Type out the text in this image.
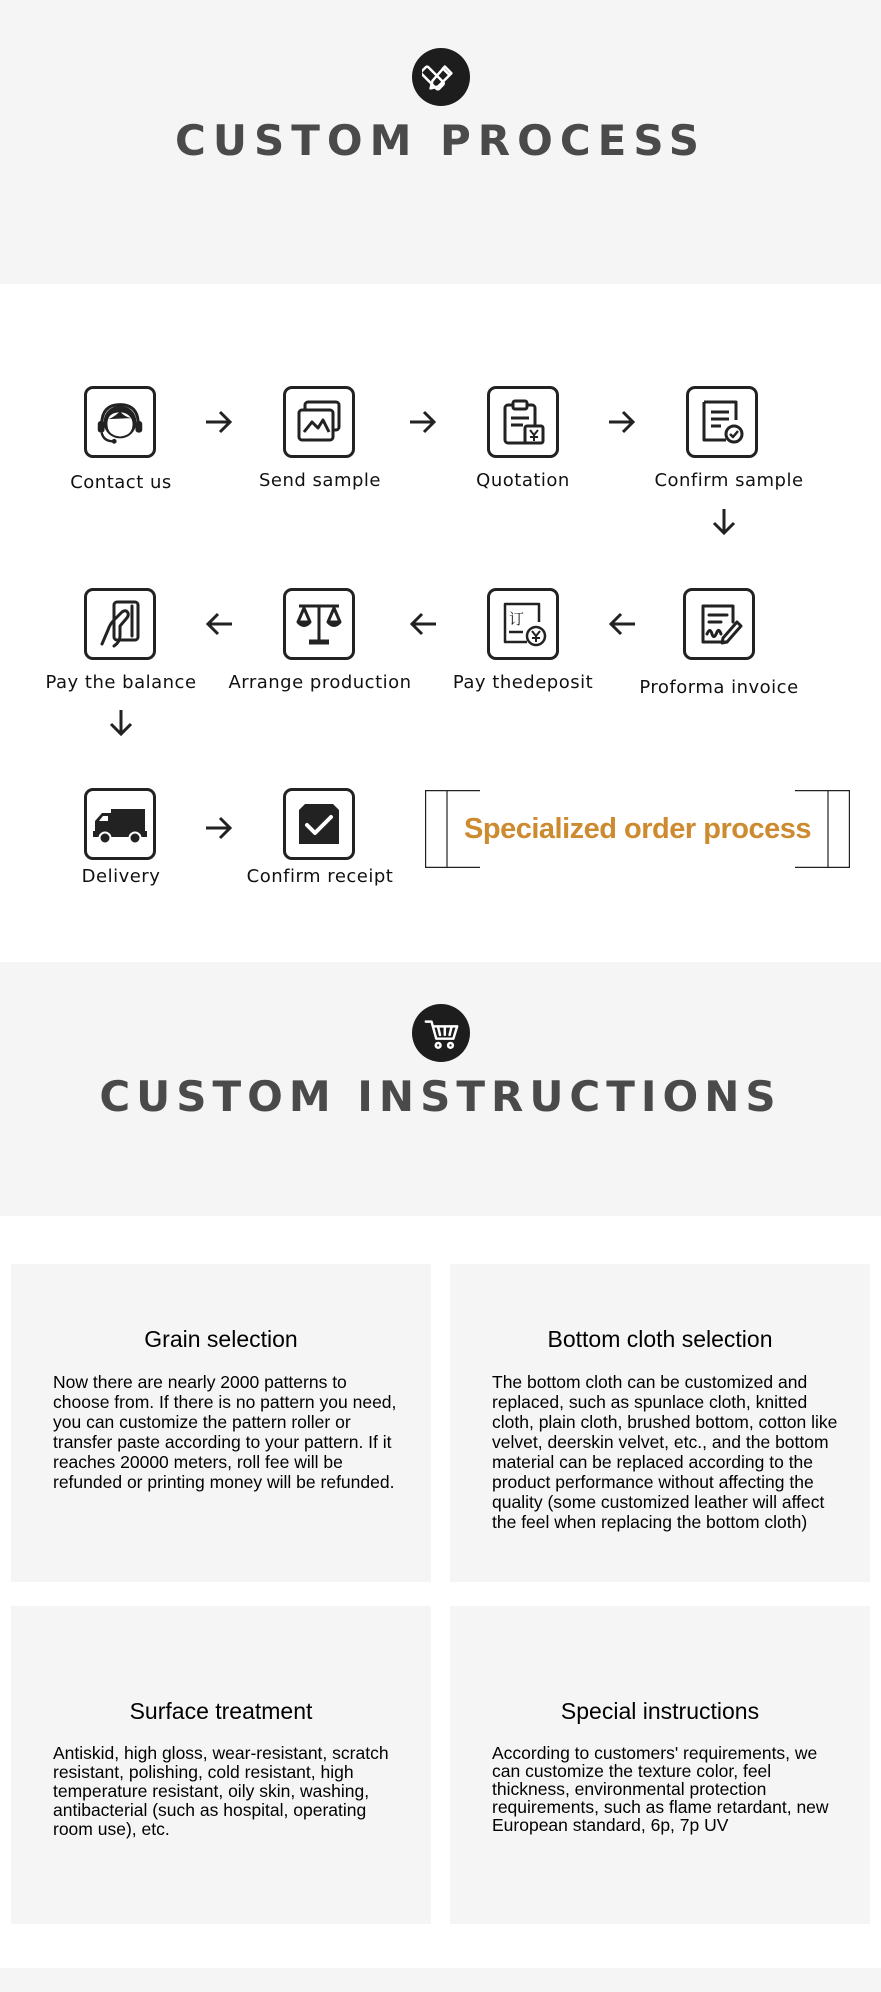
CUSTOM PROCESS
Contact us	Send sample	Quotation	Confirm sample
Proforma invoice
订
Pay thedeposit
Arrange production
Pay the balance
Delivery	Confirm receipt
Specialized order process
CUSTOM INSTRUCTIONS
Grain selection
Now there are nearly 2000 patterns to choose from. If there is no pattern you need, you can customize the pattern roller or transfer paste according to your pattern. If it reaches 20000 meters, roll fee will be refunded or printing money will be refunded.
Bottom cloth selection
The bottom cloth can be customized and replaced, such as spunlace cloth, knitted cloth, plain cloth, brushed bottom, cotton like velvet, deerskin velvet, etc., and the bottom material can be replaced according to the product performance without affecting the quality (some customized leather will affect the feel when replacing the bottom cloth)
Surface treatment
Antiskid, high gloss, wear-resistant, scratch resistant, polishing, cold resistant, high temperature resistant, oily skin, washing, antibacterial (such as hospital, operating room use), etc.
Special instructions
According to customers' requirements, we can customize the texture color, feel thickness, environmental protection requirements, such as flame retardant, new European standard, 6p, 7p UV
